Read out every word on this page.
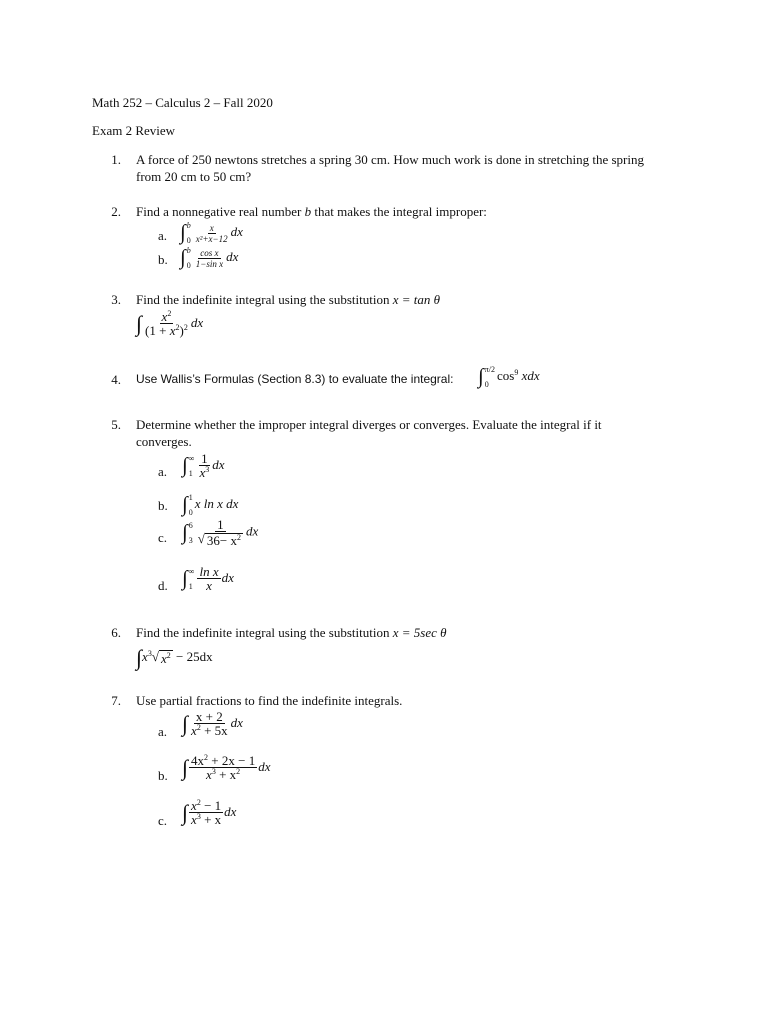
Math 252 – Calculus 2 – Fall 2020
Exam 2 Review
1. A force of 250 newtons stretches a spring 30 cm. How much work is done in stretching the spring
from 20 cm to 50 cm?
2. Find a nonnegative real number b that makes the integral improper:
a. ∫ b
$0 \frac{x}{\text{x²+x−12}}$ dx
b. ∫ b
$0 \frac{\text{cos x}}{\text{1−sin x}}$ dx
3. Find the indefinite integral using the substitution x = tan θ
∫ $\frac{x^2}{(1 + x^2)^2}$ dx
4. Use Wallis’s Formulas (Section 8.3) to evaluate the integral: ∫ π/2
0
$\cos^9$ xdx
5. Determine whether the improper integral diverges or converges. Evaluate the integral if it
converges.
a. ∫ ∞
$1 \frac{1}{x^3}$ dx
b. ∫ 1
0
x ln x dx
c. ∫ 6
$3 \frac{1}{√ 36- x^2}$ dx
d. ∫ ∞
$1 \frac{\text{ln x}}{x}$ dx
6. Find the indefinite integral using the substitution x = 5sec θ
$\int x^3√$ $x^2 - 25dx$
7. Use partial fractions to find the indefinite integrals.
a. ∫ $\frac{x + 2}{x^2 + 5x}$ dx
b. ∫ $\frac{4x^2 + 2x - 1}{x^3 + x^2}$ dx
c. ∫ $\frac{x^2 - 1}{x^3 + x}$ dx
